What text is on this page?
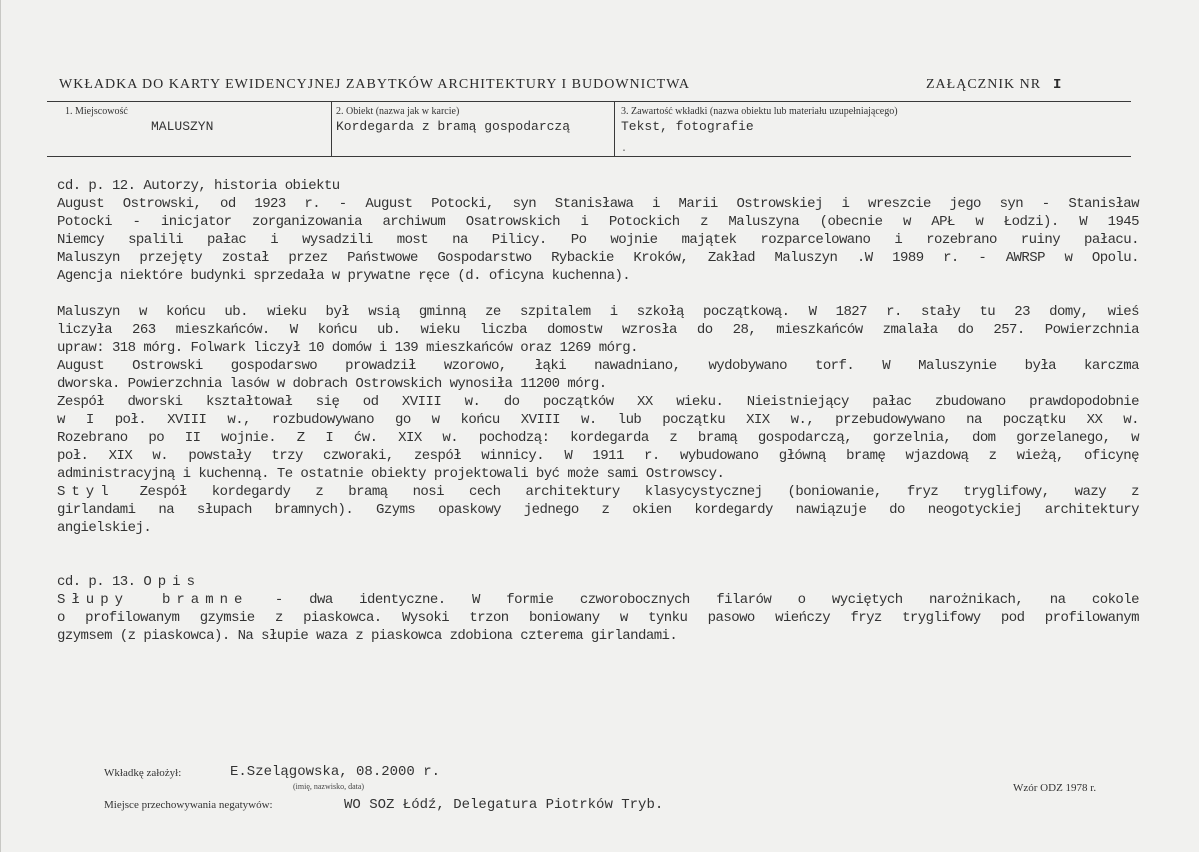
WKŁADKA DO KARTY EWIDENCYJNEJ ZABYTKÓW ARCHITEKTURY I BUDOWNICTWA	ZAŁĄCZNIK NR I
1. Miejscowość
MALUSZYN
2. Obiekt (nazwa jak w karcie)
Kordegarda z bramą gospodarczą
3. Zawartość wkładki (nazwa obiektu lub materiału uzupełniającego)
Tekst, fotografie
.

cd. p. 12. Autorzy, historia obiektu

August Ostrowski, od 1923 r. - August Potocki, syn Stanisława i Marii Ostrowskiej i wreszcie jego syn - Stanisław

Potocki - inicjator zorganizowania archiwum Osatrowskich i Potockich z Maluszyna (obecnie w APŁ w Łodzi). W 1945

Niemcy spalili pałac i wysadzili most na Pilicy. Po wojnie majątek rozparcelowano i rozebrano ruiny pałacu.

Maluszyn przejęty został przez Państwowe Gospodarstwo Rybackie Kroków, Zakład Maluszyn .W 1989 r. - AWRSP w Opolu.

Agencja niektóre budynki sprzedała w prywatne ręce (d. oficyna kuchenna).

Maluszyn w końcu ub. wieku był wsią gminną ze szpitalem i szkołą początkową. W 1827 r. stały tu 23 domy, wieś

liczyła 263 mieszkańców. W końcu ub. wieku liczba domostw wzrosła do 28, mieszkańców zmalała do 257. Powierzchnia

upraw: 318 mórg. Folwark liczył 10 domów i 139 mieszkańców oraz 1269 mórg.

August Ostrowski gospodarswo prowadził wzorowo, łąki nawadniano, wydobywano torf. W Maluszynie była karczma

dworska. Powierzchnia lasów w dobrach Ostrowskich wynosiła 11200 mórg.

Zespół dworski kształtował się od XVIII w. do początków XX wieku. Nieistniejący pałac zbudowano prawdopodobnie

w I poł. XVIII w., rozbudowywano go w końcu XVIII w. lub początku XIX w., przebudowywano na początku XX w.

Rozebrano po II wojnie. Z I ćw. XIX w. pochodzą: kordegarda z bramą gospodarczą, gorzelnia, dom gorzelanego, w

poł. XIX w. powstały trzy czworaki, zespół winnicy. W 1911 r. wybudowano główną bramę wjazdową z wieżą, oficynę

administracyjną i kuchenną. Te ostatnie obiekty projektowali być może sami Ostrowscy.

Styl Zespół kordegardy z bramą nosi cech architektury klasycystycznej (boniowanie, fryz tryglifowy, wazy z

girlandami na słupach bramnych). Gzyms opaskowy jednego z okien kordegardy nawiązuje do neogotyckiej architektury

angielskiej.

cd. p. 13. Opis

Słupy bramne - dwa identyczne. W formie czworobocznych filarów o wyciętych narożnikach, na cokole

o profilowanym gzymsie z piaskowca. Wysoki trzon boniowany w tynku pasowo wieńczy fryz tryglifowy pod profilowanym

gzymsem (z piaskowca). Na słupie waza z piaskowca zdobiona czterema girlandami.

Wkładkę założył:	E.Szelągowska, 08.2000 r.
(imię, nazwisko, data)
Miejsce przechowywania negatywów:	WO SOZ Łódź, Delegatura Piotrków Tryb.
Wzór ODZ 1978 r.
